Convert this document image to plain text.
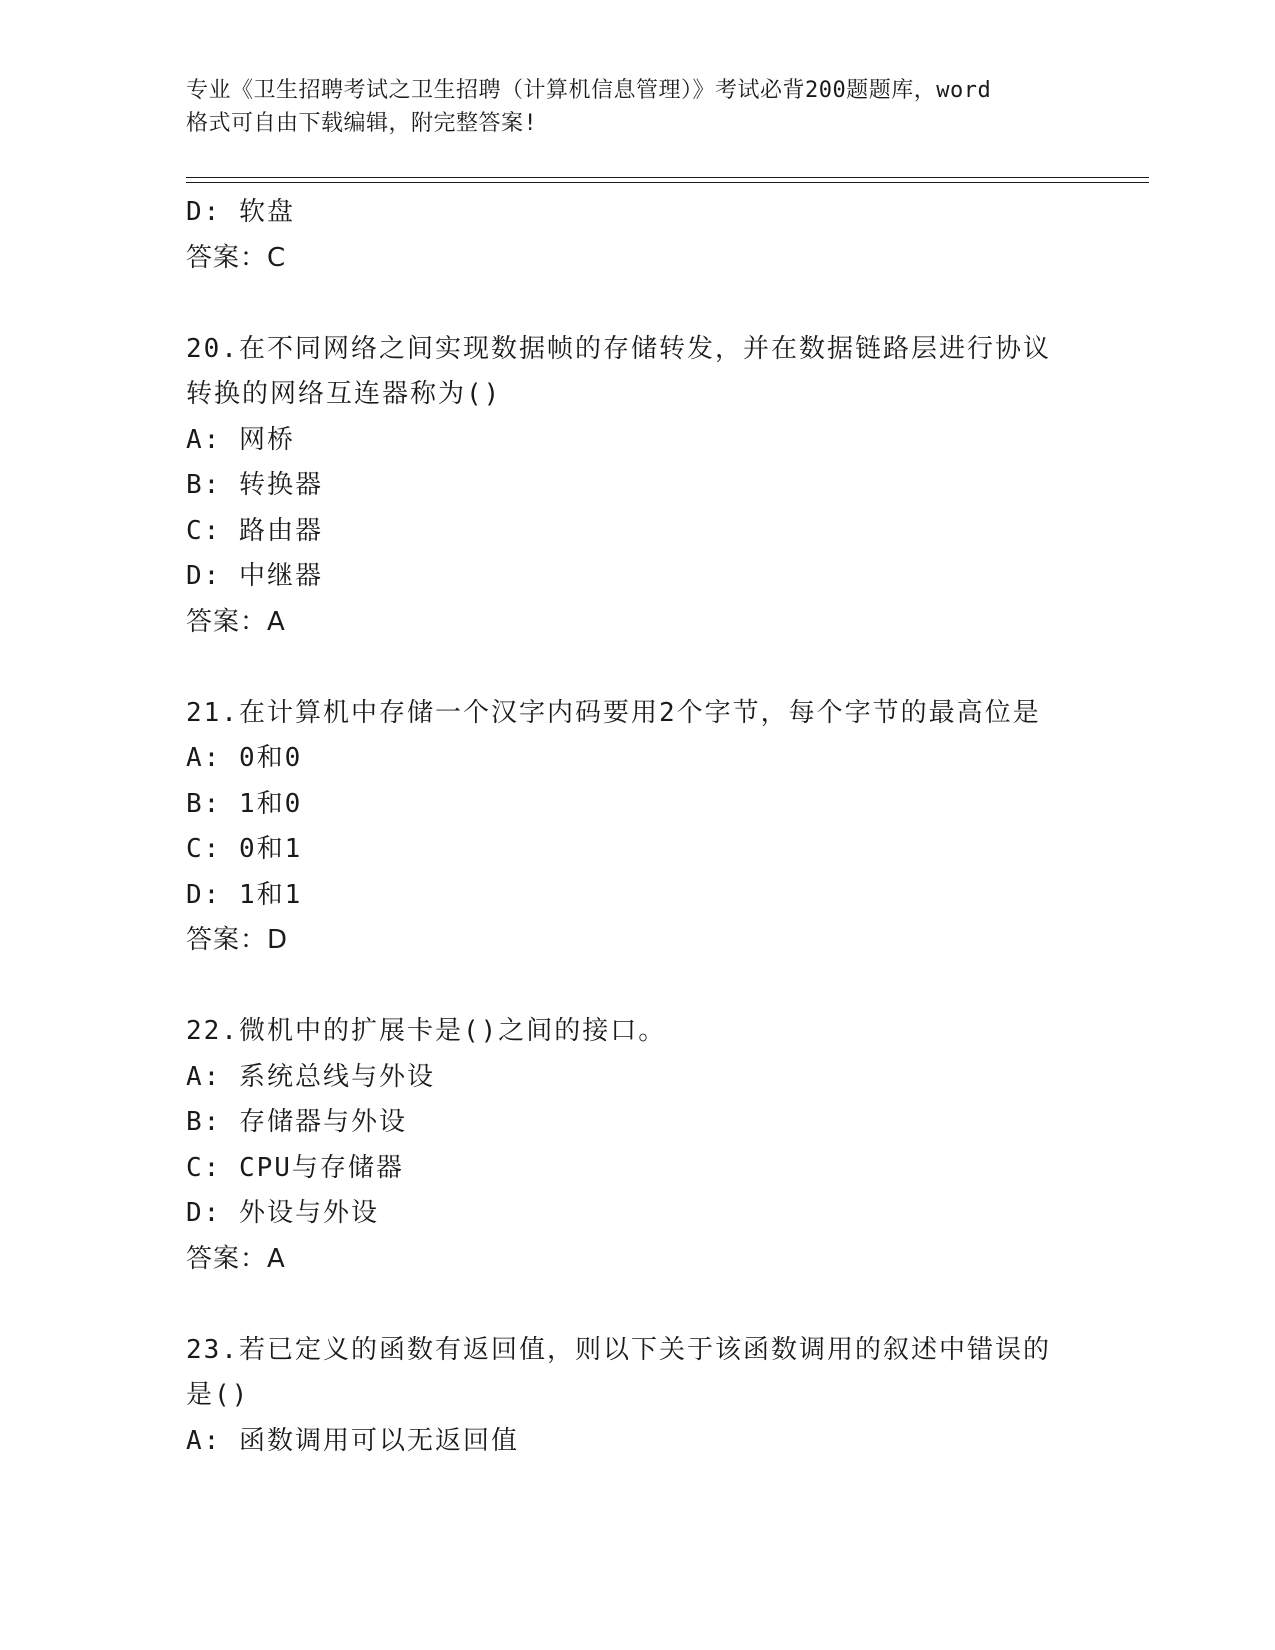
专业《卫生招聘考试之卫生招聘（计算机信息管理）》考试必背200题题库，word
格式可自由下载编辑，附完整答案!
D: 软盘
答案：C
20.在不同网络之间实现数据帧的存储转发，并在数据链路层进行协议
转换的网络互连器称为()
A: 网桥
B: 转换器
C: 路由器
D: 中继器
答案：A
21.在计算机中存储一个汉字内码要用2个字节，每个字节的最高位是
A: 0和0
B: 1和0
C: 0和1
D: 1和1
答案：D
22.微机中的扩展卡是()之间的接口。
A: 系统总线与外设
B: 存储器与外设
C: CPU与存储器
D: 外设与外设
答案：A
23.若已定义的函数有返回值，则以下关于该函数调用的叙述中错误的
是()
A: 函数调用可以无返回值
